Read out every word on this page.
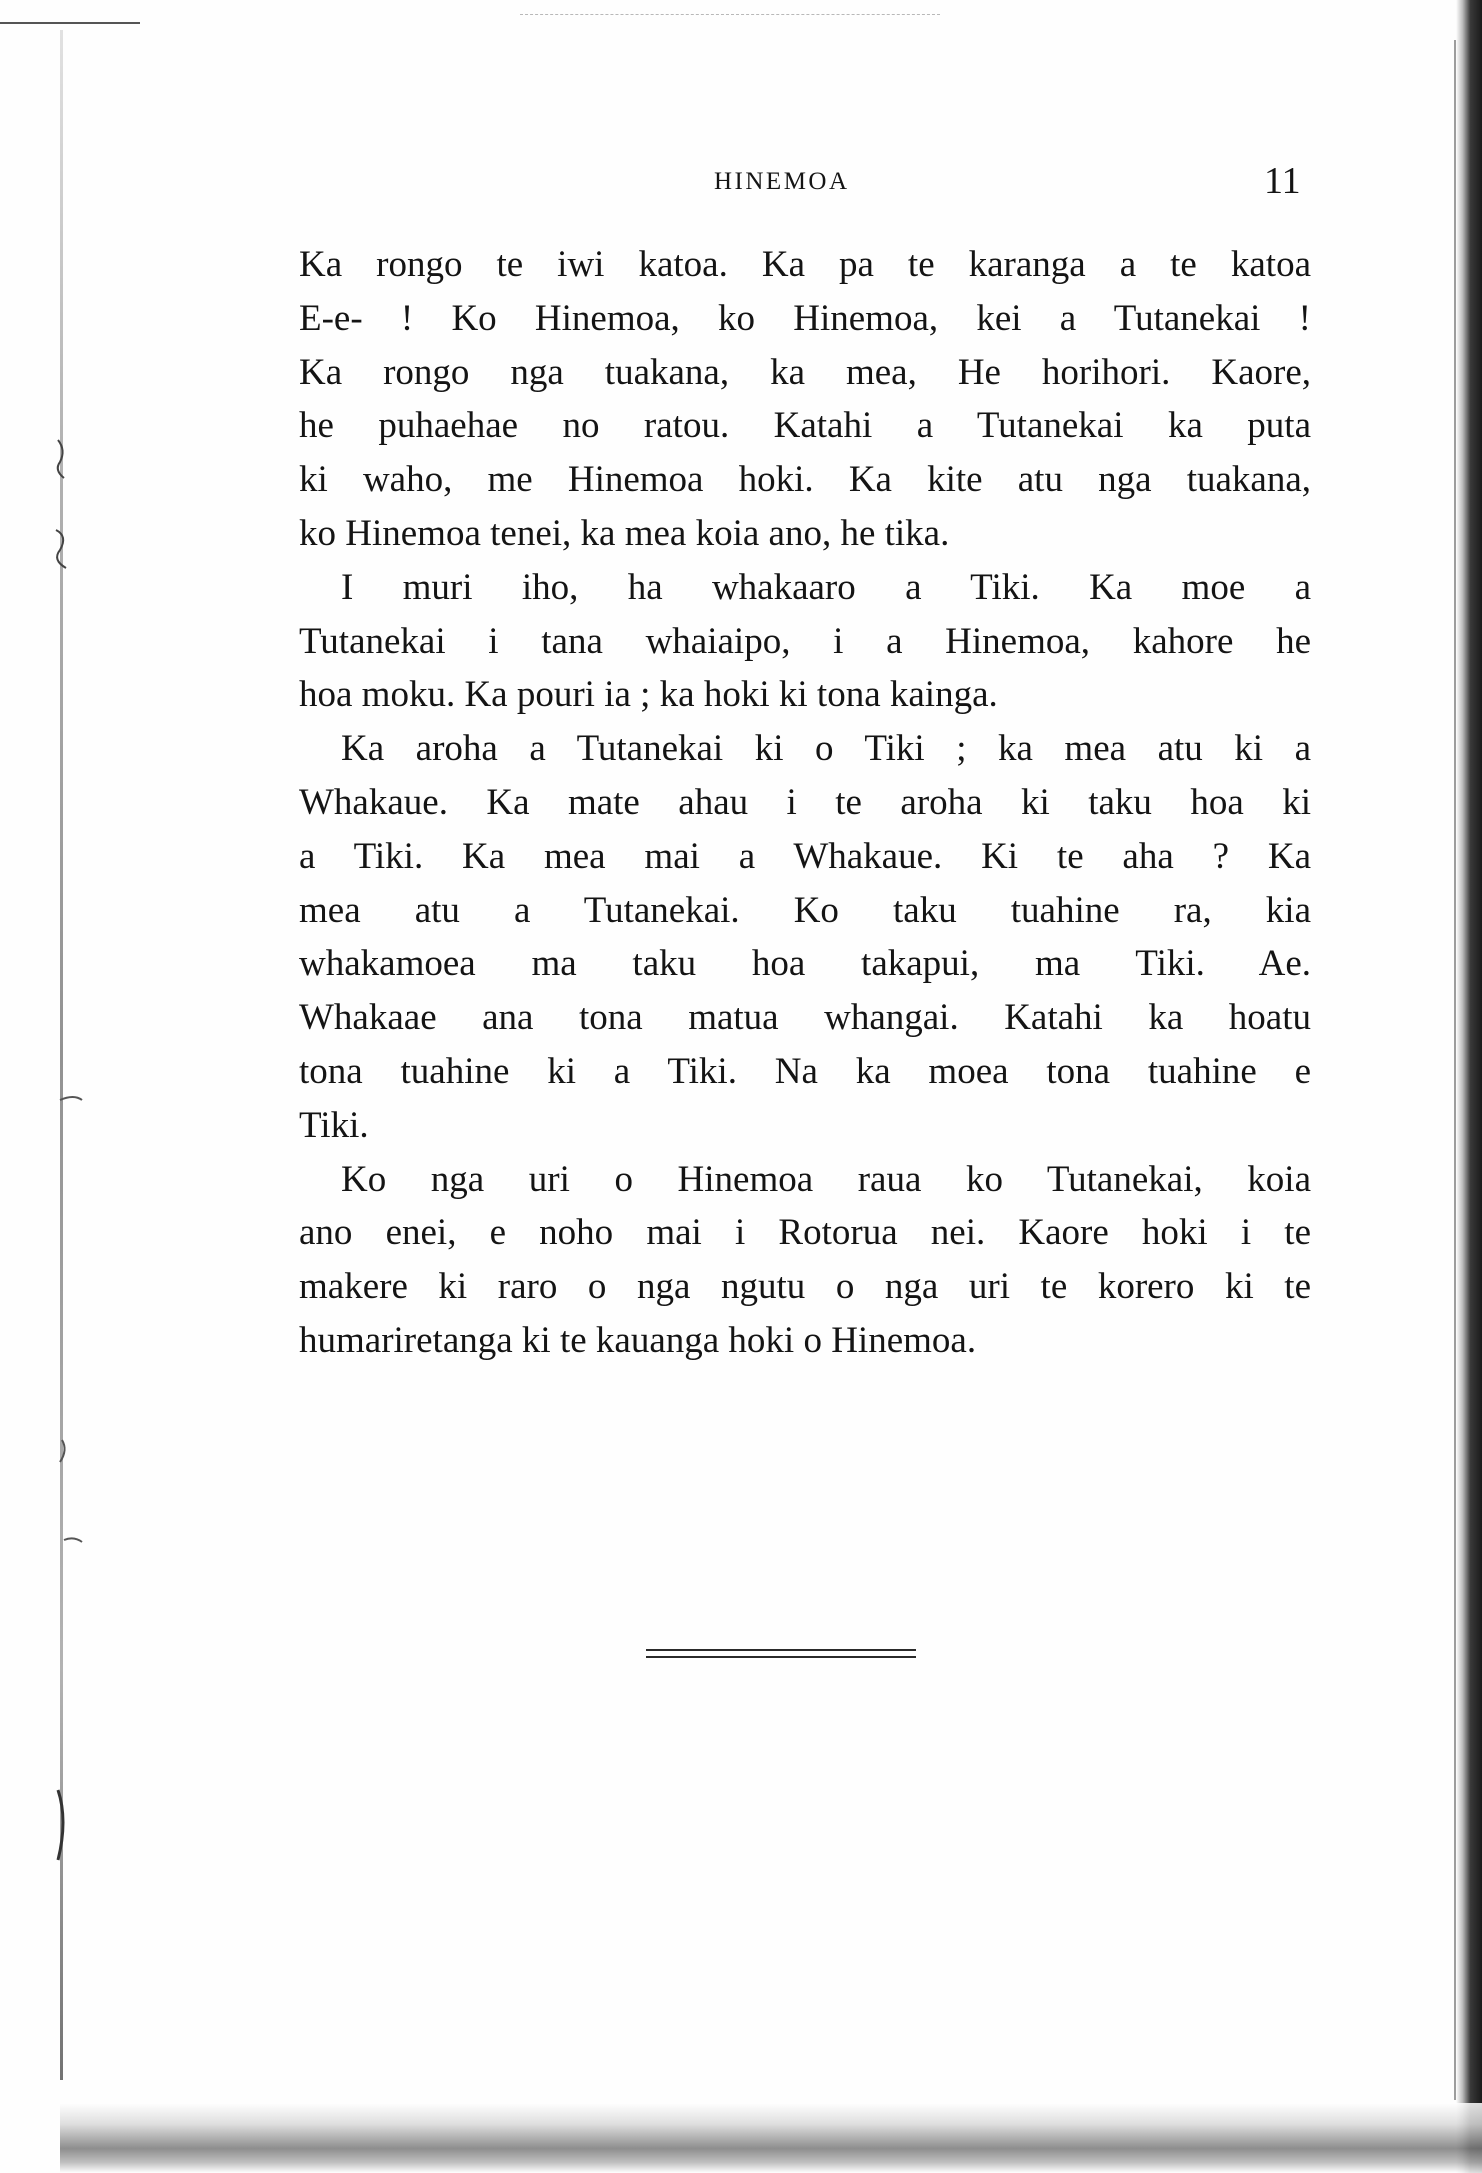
HINEMOA	11
Ka rongo te iwi katoa. Ka pa te karanga a te katoa
E-e- ! Ko Hinemoa, ko Hinemoa, kei a Tutanekai !
Ka rongo nga tuakana, ka mea, He horihori. Kaore,
he puhaehae no ratou. Katahi a Tutanekai ka puta
ki waho, me Hinemoa hoki. Ka kite atu nga tuakana,
ko Hinemoa tenei, ka mea koia ano, he tika.
I muri iho, ha whakaaro a Tiki. Ka moe a
Tutanekai i tana whaiaipo, i a Hinemoa, kahore he
hoa moku. Ka pouri ia ; ka hoki ki tona kainga.
Ka aroha a Tutanekai ki o Tiki ; ka mea atu ki a
Whakaue. Ka mate ahau i te aroha ki taku hoa ki
a Tiki. Ka mea mai a Whakaue. Ki te aha ? Ka
mea atu a Tutanekai. Ko taku tuahine ra, kia
whakamoea ma taku hoa takapui, ma Tiki. Ae.
Whakaae ana tona matua whangai. Katahi ka hoatu
tona tuahine ki a Tiki. Na ka moea tona tuahine e
Tiki.
Ko nga uri o Hinemoa raua ko Tutanekai, koia
ano enei, e noho mai i Rotorua nei. Kaore hoki i te
makere ki raro o nga ngutu o nga uri te korero ki te
humariretanga ki te kauanga hoki o Hinemoa.
